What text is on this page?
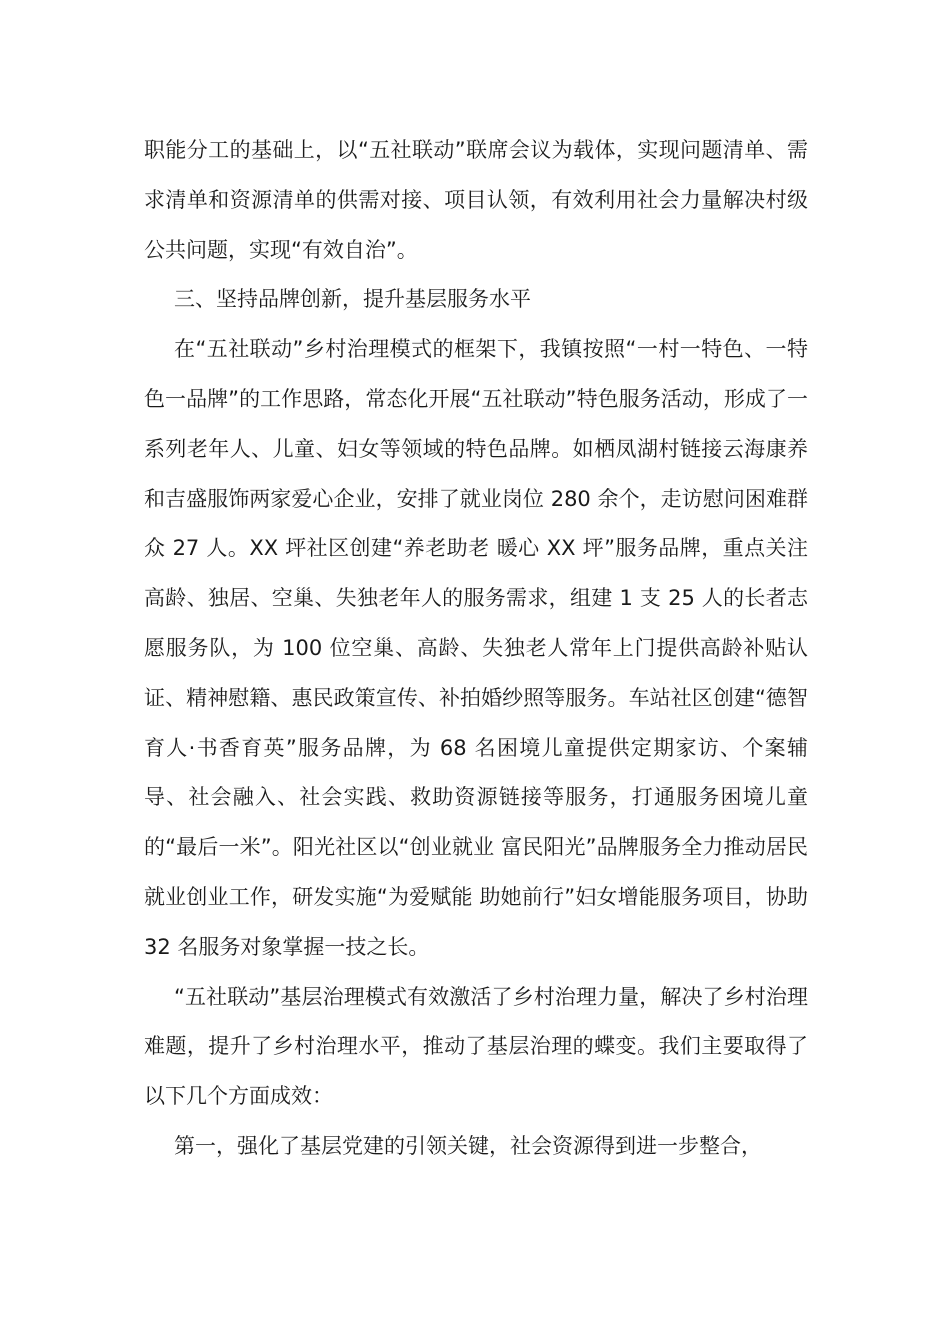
职能分工的基础上，以“五社联动”联席会议为载体，实现问题清单、需求清单和资源清单的供需对接、项目认领，有效利用社会力量解决村级公共问题，实现“有效自治”。

三、坚持品牌创新，提升基层服务水平

在“五社联动”乡村治理模式的框架下，我镇按照“一村一特色、一特色一品牌”的工作思路，常态化开展“五社联动”特色服务活动，形成了一系列老年人、儿童、妇女等领域的特色品牌。如栖凤湖村链接云海康养和吉盛服饰两家爱心企业，安排了就业岗位 280 余个，走访慰问困难群众 27 人。XX 坪社区创建“养老助老 暖心 XX 坪”服务品牌，重点关注高龄、独居、空巢、失独老年人的服务需求，组建 1 支 25 人的长者志愿服务队，为 100 位空巢、高龄、失独老人常年上门提供高龄补贴认证、精神慰籍、惠民政策宣传、补拍婚纱照等服务。车站社区创建“德智育人·书香育英”服务品牌，为 68 名困境儿童提供定期家访、个案辅导、社会融入、社会实践、救助资源链接等服务，打通服务困境儿童的“最后一米”。阳光社区以“创业就业 富民阳光”品牌服务全力推动居民就业创业工作，研发实施“为爱赋能 助她前行”妇女增能服务项目，协助 32 名服务对象掌握一技之长。

“五社联动”基层治理模式有效激活了乡村治理力量，解决了乡村治理难题，提升了乡村治理水平，推动了基层治理的蝶变。我们主要取得了以下几个方面成效：

第一，强化了基层党建的引领关键，社会资源得到进一步整合，
